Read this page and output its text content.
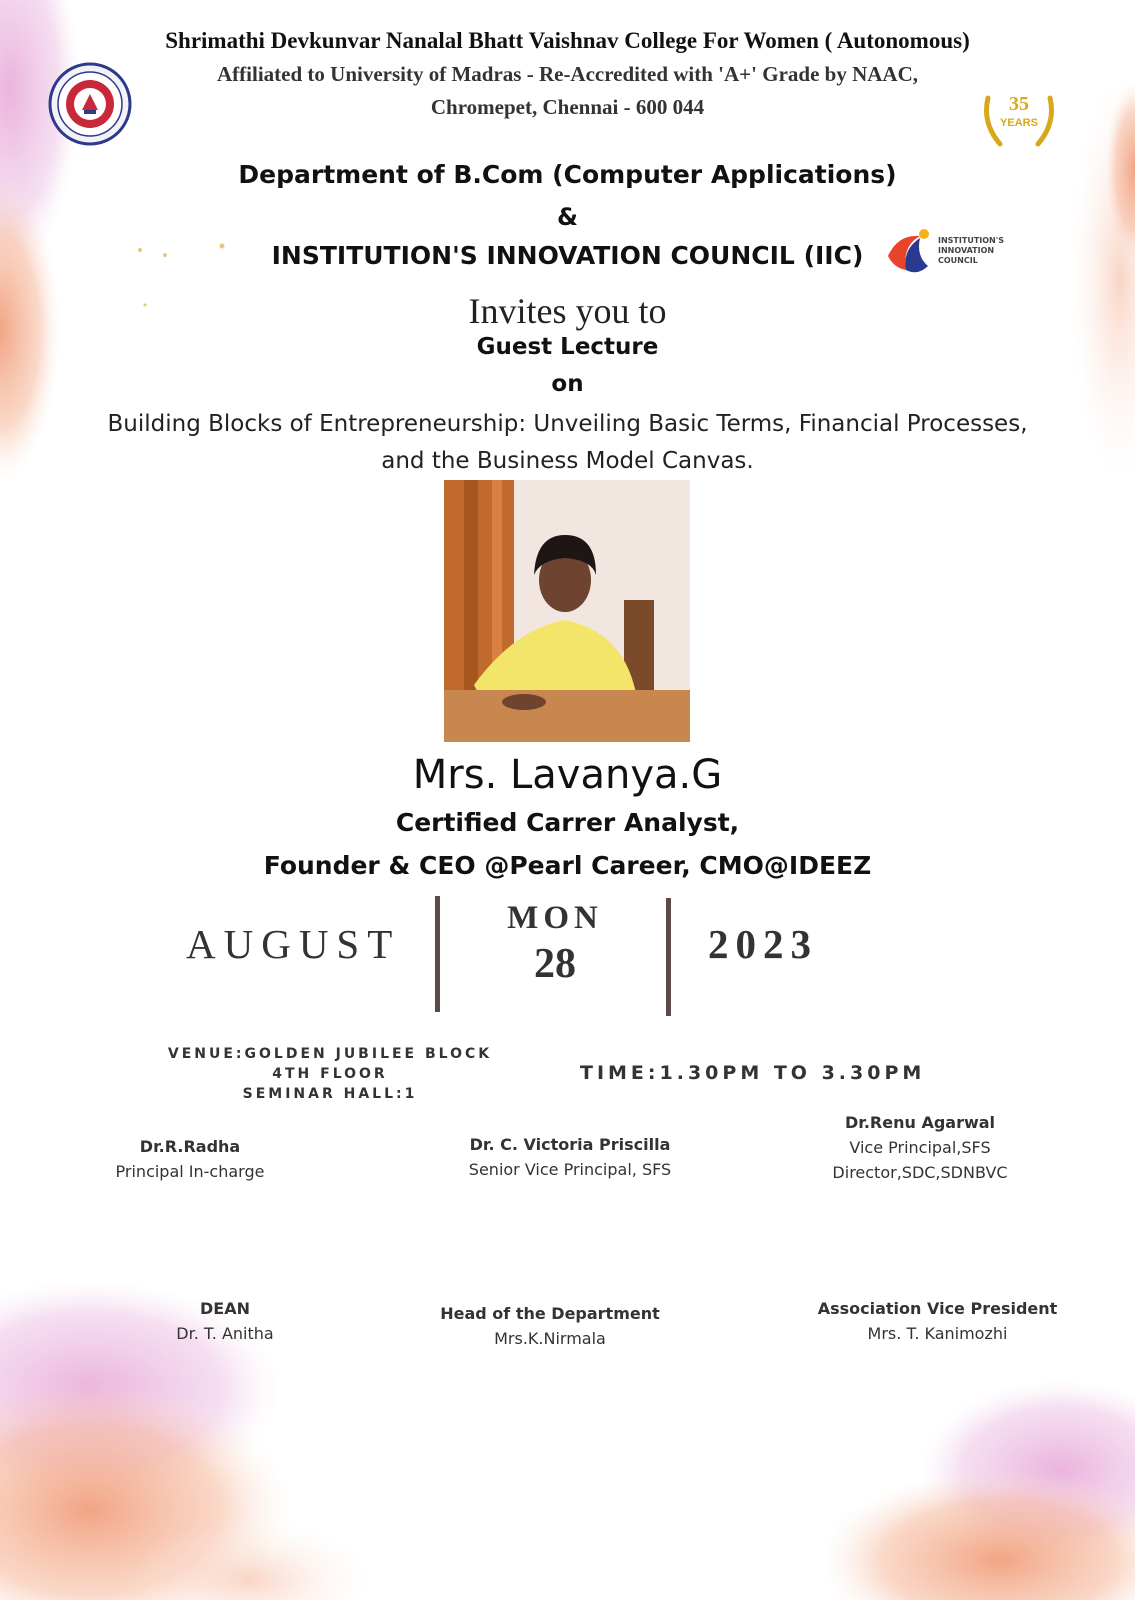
35
YEARS
INSTITUTION'S
INNOVATION
COUNCIL
Shrimathi Devkunvar Nanalal Bhatt Vaishnav College For Women ( Autonomous)
Affiliated to University of Madras - Re-Accredited with 'A+' Grade by NAAC,
Chromepet, Chennai - 600 044
Department of B.Com (Computer Applications)
&
INSTITUTION'S INNOVATION COUNCIL (IIC)
Invites you to
Guest Lecture
on
Building Blocks of Entrepreneurship: Unveiling Basic Terms, Financial Processes, and the Business Model Canvas.
Mrs. Lavanya.G
Certified Carrer Analyst,
Founder & CEO @Pearl Career, CMO@IDEEZ
AUGUST
MON
28	2023
VENUE:GOLDEN JUBILEE BLOCK
4TH FLOOR
SEMINAR HALL:1
TIME:1.30PM TO 3.30PM
Dr.R.Radha
Principal In-charge
Dr. C. Victoria Priscilla
Senior Vice Principal, SFS
Dr.Renu Agarwal
Vice Principal,SFS
Director,SDC,SDNBVC
DEAN
Dr. T. Anitha
Head of the Department
Mrs.K.Nirmala
Association Vice President
Mrs. T. Kanimozhi
